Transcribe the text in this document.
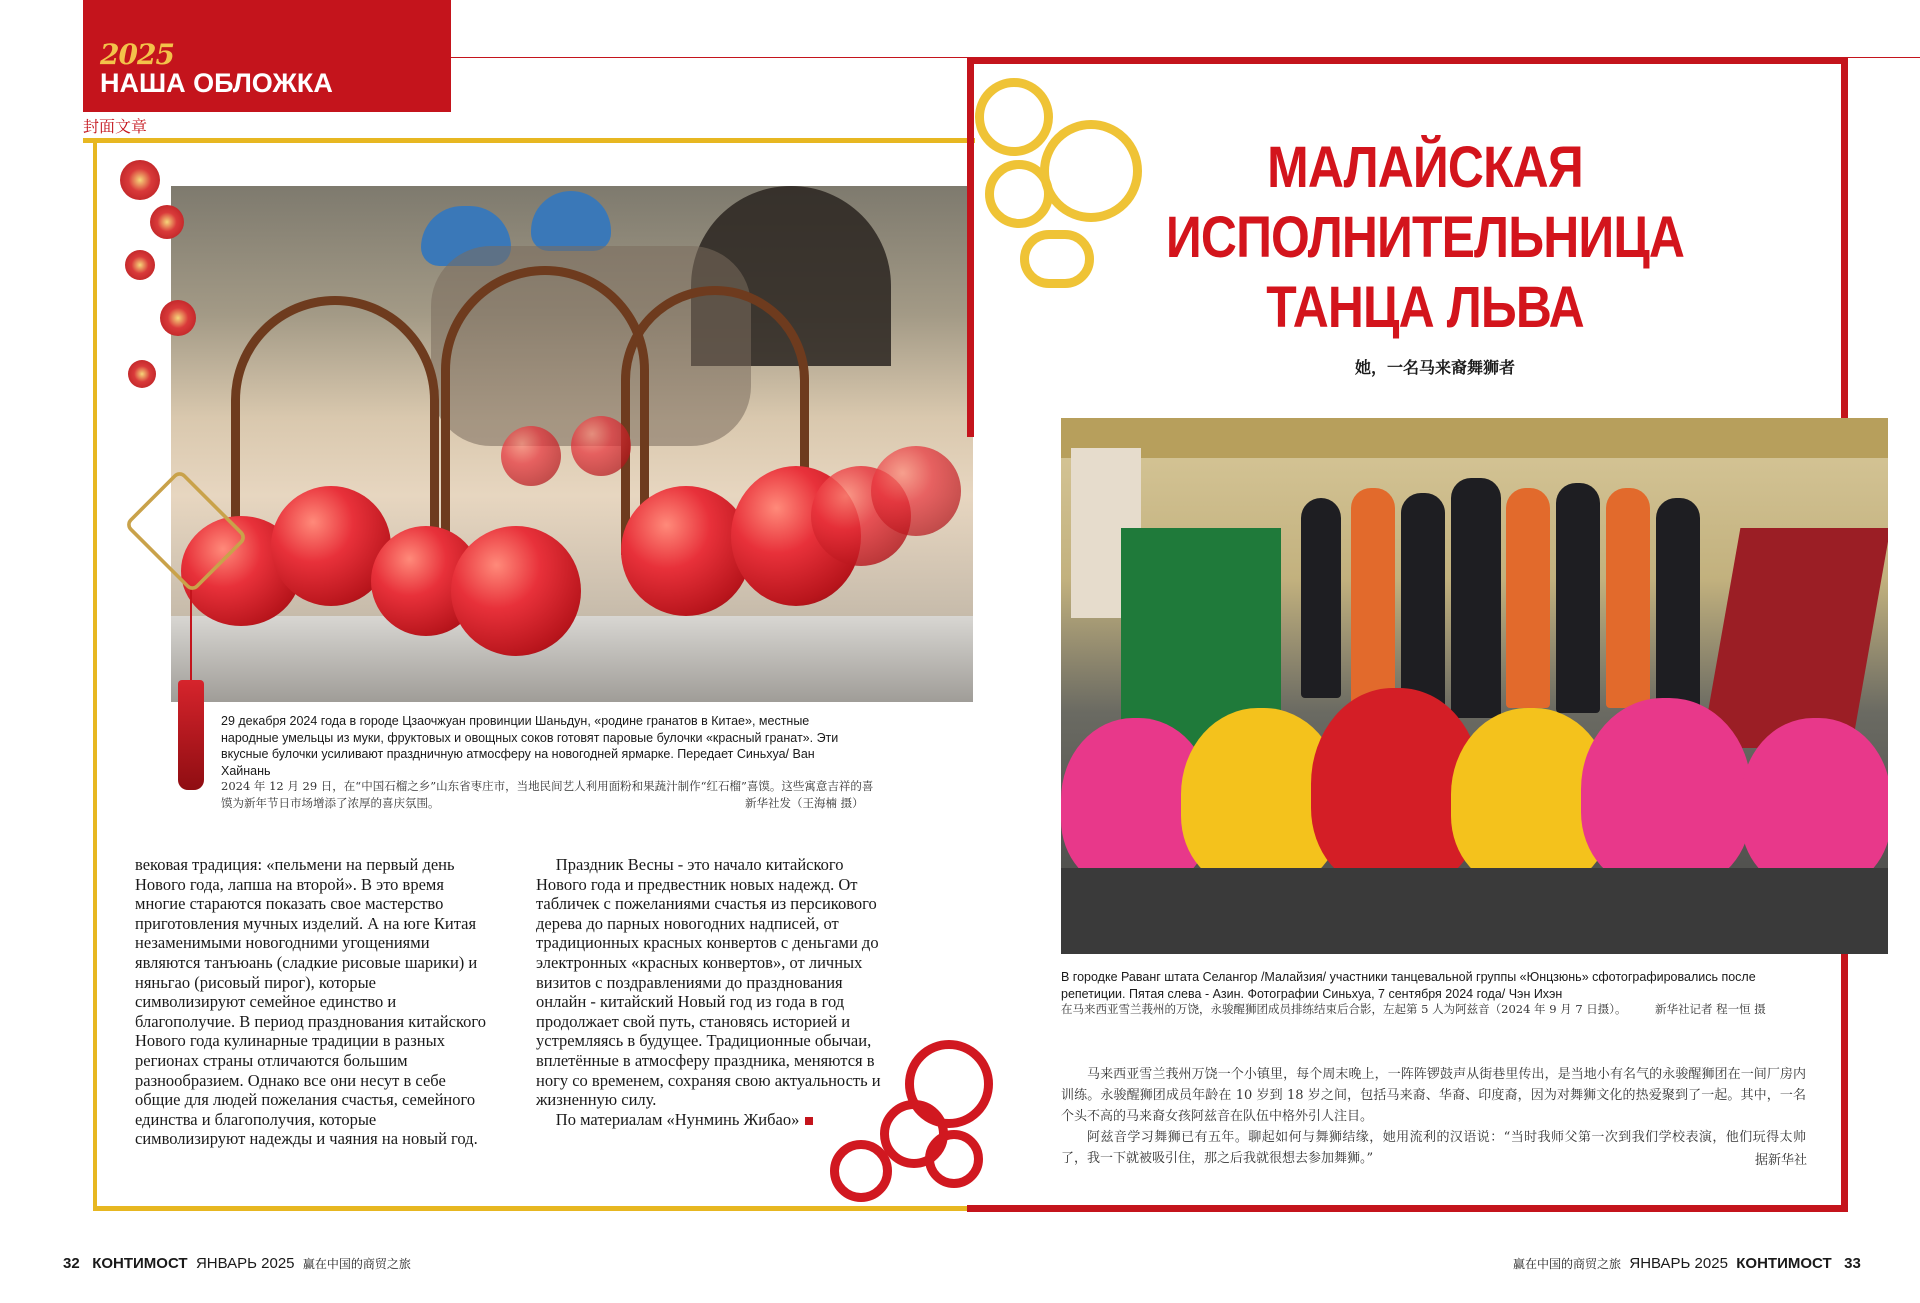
2025
НАША ОБЛОЖКА
封面文章
29 декабря 2024 года в городе Цзаочжуан провинции Шаньдун, «родине гранатов в Китае», местные народные умельцы из муки, фруктовых и овощных соков готовят паровые булочки «красный гранат». Эти вкусные булочки усиливают праздничную атмосферу на новогодней ярмарке. Передает Синьхуа/ Ван Хайнань
2024 年 12 月 29 日，在“中国石榴之乡”山东省枣庄市，当地民间艺人利用面粉和果蔬汁制作“红石榴”喜馍。这些寓意吉祥的喜馍为新年节日市场增添了浓厚的喜庆氛围。	新华社发（王海楠 摄）

вековая традиция: «пельмени на первый день Нового года, лапша на второй». В это время многие стараются показать свое мастерство приготовления мучных изделий. А на юге Китая незаменимыми новогодними угощениями являются танъюань (сладкие рисовые шарики) и няньгао (рисовый пирог), которые символизируют семейное единство и благополучие. В период празднования китайского Нового года кулинарные традиции в разных регионах страны отличаются большим разнообразием. Однако все они несут в себе общие для людей пожелания счастья, семейного единства и благополучия, которые символизируют надежды и чаяния на новый год.

Праздник Весны - это начало китайского Нового года и предвестник новых надежд. От табличек с пожеланиями счастья из персикового дерева до парных новогодних надписей, от традиционных красных конвертов с деньгами до электронных «красных конвертов», от личных визитов с поздравлениями до празднования онлайн - китайский Новый год из года в год продолжает свой путь, становясь историей и устремляясь в будущее. Традиционные обычаи, вплетённые в атмосферу праздника, меняются в ногу со временем, сохраняя свою актуальность и жизненную силу.

По материалам «Нунминь Жибао»

32 КОНТИМОСТ ЯНВАРЬ 2025 赢在中国的商贸之旅
МАЛАЙСКАЯ ИСПОЛНИТЕЛЬНИЦА ТАНЦА ЛЬВА
她，一名马来裔舞狮者
В городке Раванг штата Селангор /Малайзия/ участники танцевальной группы «Юнцзюнь» сфотографировались после репетиции. Пятая слева - Азин. Фотографии Синьхуа, 7 сентября 2024 года/ Чэн Ихэн
在马来西亚雪兰莪州的万饶，永骏醒狮团成员排练结束后合影，左起第 5 人为阿兹音（2024 年 9 月 7 日摄）。	新华社记者 程一恒 摄

马来西亚雪兰莪州万饶一个小镇里，每个周末晚上，一阵阵锣鼓声从街巷里传出，是当地小有名气的永骏醒狮团在一间厂房内训练。永骏醒狮团成员年龄在 10 岁到 18 岁之间，包括马来裔、华裔、印度裔，因为对舞狮文化的热爱聚到了一起。其中，一名个头不高的马来裔女孩阿兹音在队伍中格外引人注目。

阿兹音学习舞狮已有五年。聊起如何与舞狮结缘，她用流利的汉语说：“当时我师父第一次到我们学校表演，他们玩得太帅了，我一下就被吸引住，那之后我就很想去参加舞狮。”	据新华社
赢在中国的商贸之旅 ЯНВАРЬ 2025 КОНТИМОСТ 33
